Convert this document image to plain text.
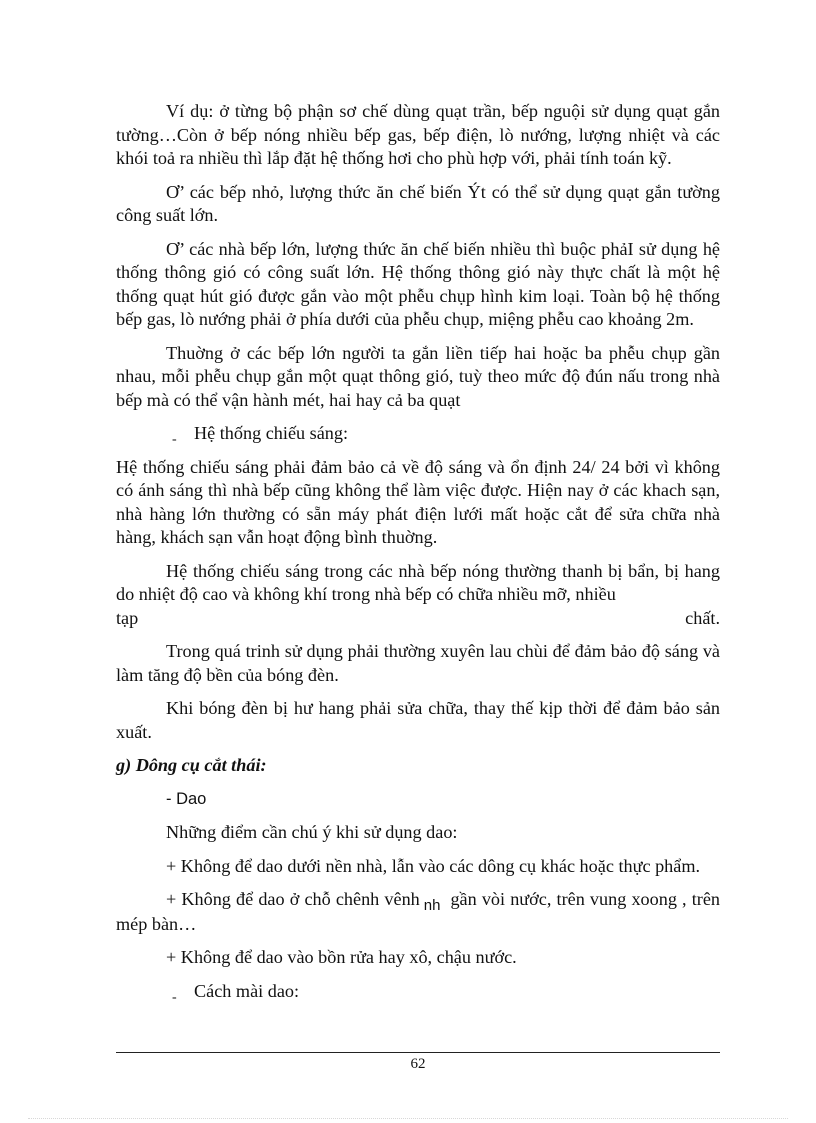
Ví dụ: ở từng bộ phận sơ chế dùng quạt trần, bếp nguội sử dụng quạt gắn tường…Còn ở bếp nóng nhiều bếp gas, bếp điện, lò nướng, lượng nhiệt và các khói toả ra nhiều thì lắp đặt hệ thống hơi cho phù hợp với, phải tính toán kỹ.

Ơ’ các bếp nhỏ, lượng thức ăn chế biến Ýt có thể sử dụng quạt gắn tường công suất lớn.

Ơ’ các nhà bếp lớn, lượng thức ăn chế biến nhiều thì buộc phảI sử dụng hệ thống thông gió có công suất lớn. Hệ thống thông gió này thực chất là một hệ thống quạt hút gió được gắn vào một phễu chụp hình kim loại. Toàn bộ hệ thống bếp gas, lò nướng phải ở phía dưới của phễu chụp, miệng phễu cao khoảng 2m.

Thuờng ở các bếp lớn người ta gắn liền tiếp hai hoặc ba phễu chụp gần nhau, mỗi phễu chụp gắn một quạt thông gió, tuỳ theo mức độ đún nấu trong nhà bếp mà có thể vận hành mét, hai hay cả ba quạt

- Hệ thống chiếu sáng:

Hệ thống chiếu sáng phải đảm bảo cả về độ sáng và ổn định 24/ 24 bởi vì không có ánh sáng thì nhà bếp cũng không thể làm việc được. Hiện nay ở các khach sạn, nhà hàng lớn thường có sẵn máy phát điện lưới mất hoặc cắt để sửa chữa nhà hàng, khách sạn vẫn hoạt động bình thuờng.

Hệ thống chiếu sáng trong các nhà bếp nóng thường thanh bị bẩn, bị hang do nhiệt độ cao và không khí trong nhà bếp có chữa nhiều mỡ, nhiều

tạp	chất.

Trong quá trinh sử dụng phải thường xuyên lau chùi để đảm bảo độ sáng và làm tăng độ bền của bóng đèn.

Khi bóng đèn bị hư hang phải sửa chữa, thay thế kịp thời để đảm bảo sản xuất.

g) Dông cụ cắt thái:

- Dao

Những điểm cần chú ý khi sử dụng dao:

+ Không để dao dưới nền nhà, lẫn vào các dông cụ khác hoặc thực phẩm.

+ Không để dao ở chỗ chênh vênh $_{nh}$ gần vòi nước, trên vung xoong , trên mép bàn…

+ Không để dao vào bồn rửa hay xô, chậu nước.

- Cách mài dao:
62
